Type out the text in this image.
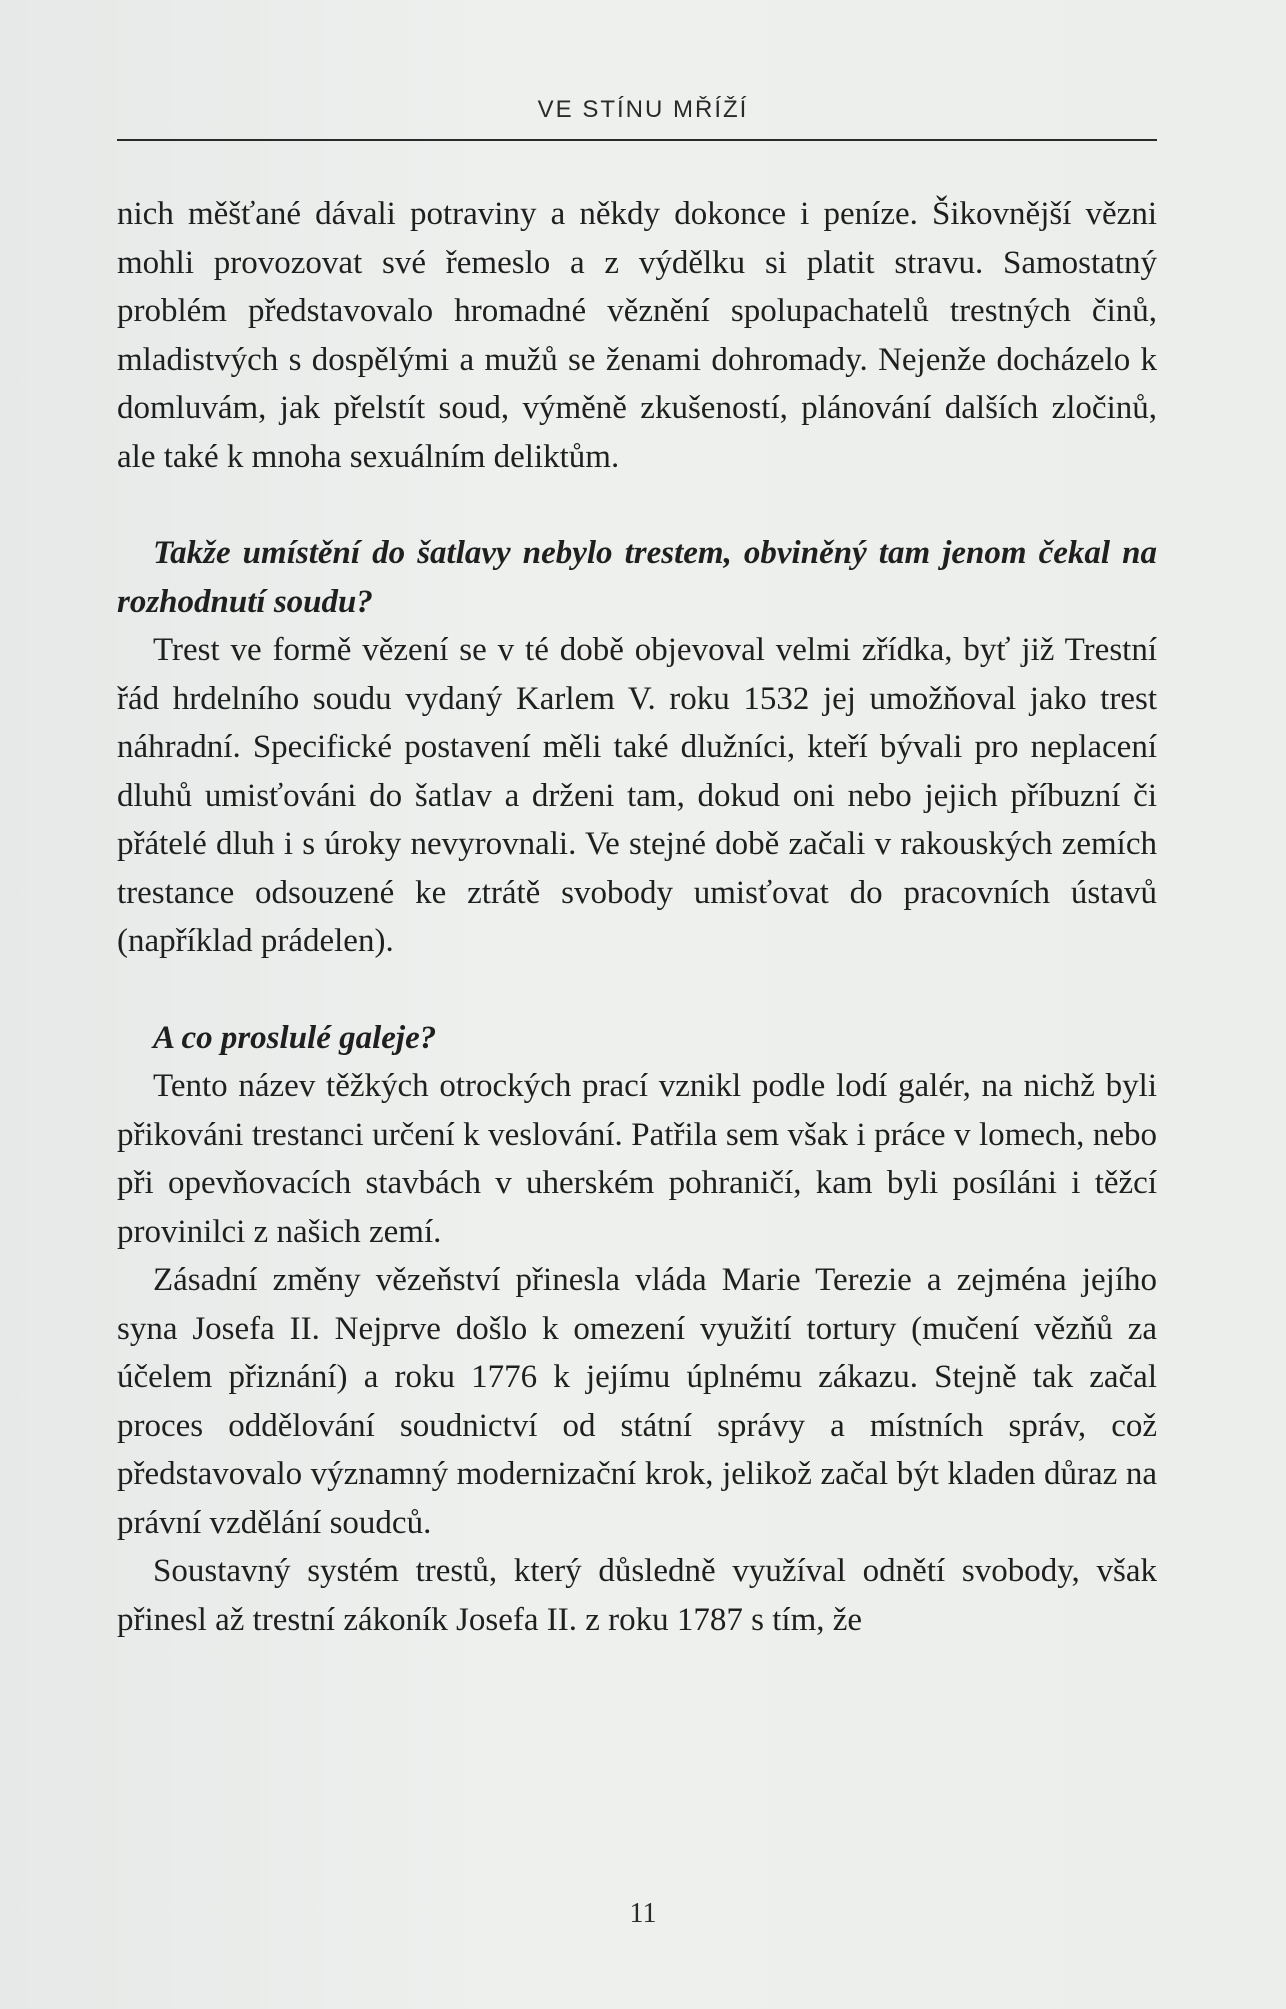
VE STÍNU MŘÍŽÍ

nich měšťané dávali potraviny a někdy dokonce i peníze. Šikovnější vězni mohli provozovat své řemeslo a z výdělku si platit stravu. Samostatný problém představovalo hromadné věznění spolupachatelů trestných činů, mladistvých s dospělými a mužů se ženami dohromady. Nejenže docházelo k domluvám, jak přelstít soud, výměně zkušeností, plánování dalších zločinů, ale také k mnoha sexuálním deliktům.

Takže umístění do šatlavy nebylo trestem, obviněný tam jenom čekal na rozhodnutí soudu?

Trest ve formě vězení se v té době objevoval velmi zřídka, byť již Trestní řád hrdelního soudu vydaný Karlem V. roku 1532 jej umožňoval jako trest náhradní. Specifické postavení měli také dlužníci, kteří bývali pro neplacení dluhů umisťováni do šatlav a drženi tam, dokud oni nebo jejich příbuzní či přátelé dluh i s úroky nevyrovnali. Ve stejné době začali v rakouských zemích trestance odsouzené ke ztrátě svobody umisťovat do pracovních ústavů (například prádelen).

A co proslulé galeje?

Tento název těžkých otrockých prací vznikl podle lodí galér, na nichž byli přikováni trestanci určení k veslování. Patřila sem však i práce v lomech, nebo při opevňovacích stavbách v uherském pohraničí, kam byli posíláni i těžcí provinilci z našich zemí.

Zásadní změny vězeňství přinesla vláda Marie Terezie a zejména jejího syna Josefa II. Nejprve došlo k omezení využití tortury (mučení vězňů za účelem přiznání) a roku 1776 k jejímu úplnému zákazu. Stejně tak začal proces oddělování soudnictví od státní správy a místních správ, což představovalo významný modernizační krok, jelikož začal být kladen důraz na právní vzdělání soudců.

Soustavný systém trestů, který důsledně využíval odnětí svobody, však přinesl až trestní zákoník Josefa II. z roku 1787 s tím, že

11
